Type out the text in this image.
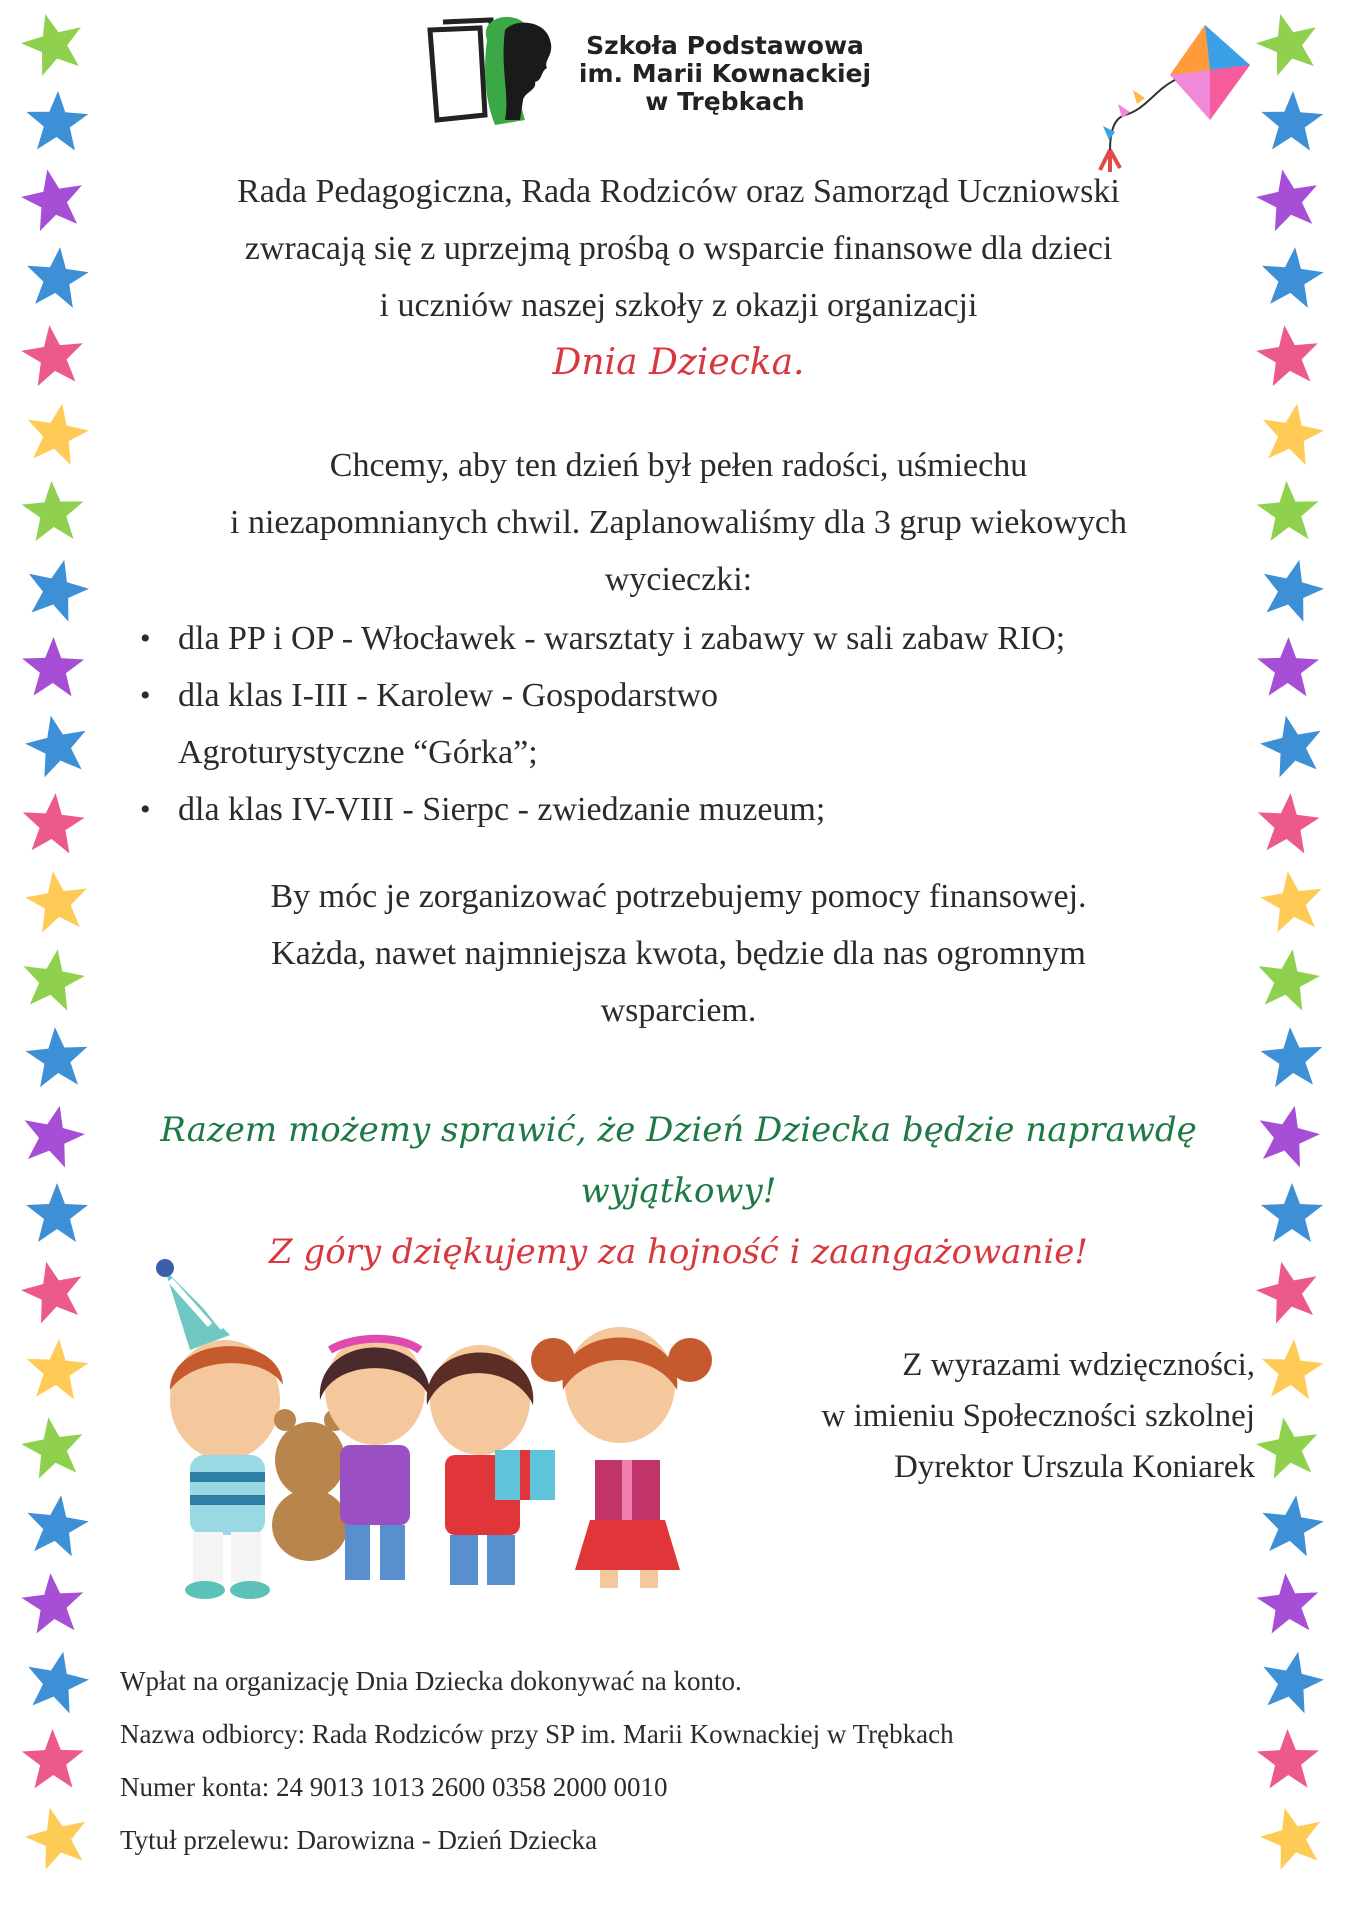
Szkoła Podstawowa
im. Marii Kownackiej
w Trębkach
Rada Pedagogiczna, Rada Rodziców oraz Samorząd Uczniowski
zwracają się z uprzejmą prośbą o wsparcie finansowe dla dzieci
i uczniów naszej szkoły z okazji organizacji
Dnia Dziecka.
Chcemy, aby ten dzień był pełen radości, uśmiechu
i niezapomnianych chwil. Zaplanowaliśmy dla 3 grup wiekowych
wycieczki:
• dla PP i OP - Włocławek - warsztaty i zabawy w sali zabaw RIO;
• dla klas I-III - Karolew - Gospodarstwo Agroturystyczne “Górka”;
• dla klas IV-VIII - Sierpc - zwiedzanie muzeum;
By móc je zorganizować potrzebujemy pomocy finansowej.
Każda, nawet najmniejsza kwota, będzie dla nas ogromnym
wsparciem.
Razem możemy sprawić, że Dzień Dziecka będzie naprawdę
wyjątkowy!
Z góry dziękujemy za hojność i zaangażowanie!
Z wyrazami wdzięczności,
w imieniu Społeczności szkolnej
Dyrektor Urszula Koniarek
Wpłat na organizację Dnia Dziecka dokonywać na konto.
Nazwa odbiorcy: Rada Rodziców przy SP im. Marii Kownackiej w Trębkach
Numer konta: 24 9013 1013 2600 0358 2000 0010
Tytuł przelewu: Darowizna - Dzień Dziecka
